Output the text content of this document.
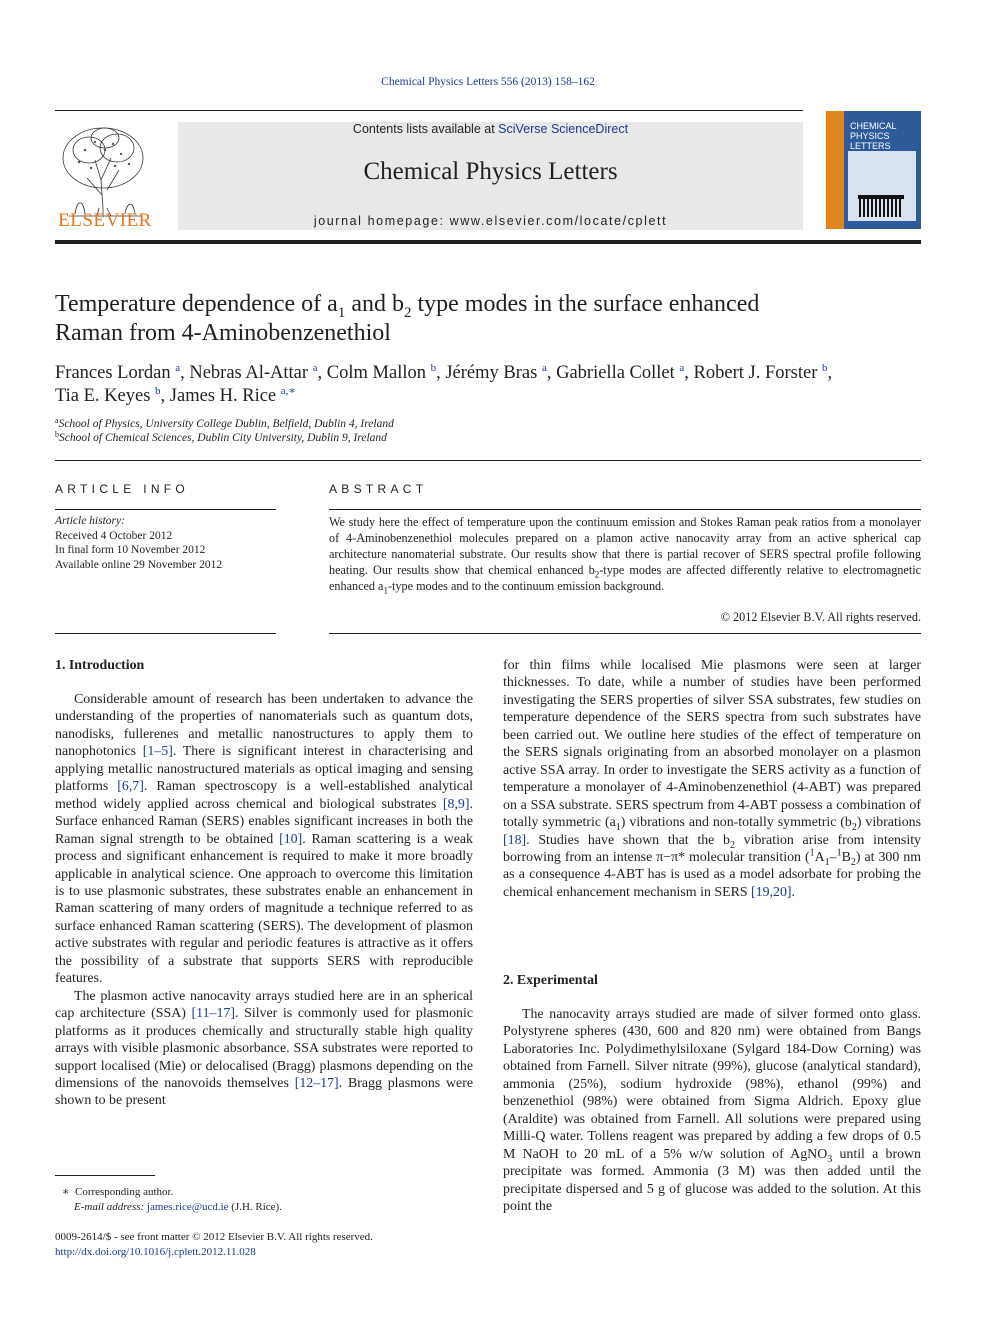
Chemical Physics Letters 556 (2013) 158–162
ELSEVIER
Contents lists available at SciVerse ScienceDirect
Chemical Physics Letters
journal homepage: www.elsevier.com/locate/cplett
CHEMICAL
PHYSICS
LETTERS
Temperature dependence of $a_1$ and $b_2$ type modes in the surface enhanced
Raman from 4-Aminobenzenethiol
Frances Lordan $^a$, Nebras Al-Attar $^a$, Colm Mallon $^b$, Jérémy Bras $^a$, Gabriella Collet $^a$, Robert J. Forster $^b$,
Tia E. Keyes $^b$, James H. Rice $^{a,∗}$
$^a$School of Physics, University College Dublin, Belfield, Dublin 4, Ireland
$^b$School of Chemical Sciences, Dublin City University, Dublin 9, Ireland
ARTICLE INFO
Article history:
Received 4 October 2012
In final form 10 November 2012
Available online 29 November 2012
ABSTRACT
We study here the effect of temperature upon the continuum emission and Stokes Raman peak ratios from a monolayer of 4-Aminobenzenethiol molecules prepared on a plamon active nanocavity array from an active spherical cap architecture nanomaterial substrate. Our results show that there is partial recover of SERS spectral profile following heating. Our results show that chemical enhanced $b_2$-type modes are affected differently relative to electromagnetic enhanced $a_1$-type modes and to the continuum emission background.
© 2012 Elsevier B.V. All rights reserved.
1. Introduction

Considerable amount of research has been undertaken to advance the understanding of the properties of nanomaterials such as quantum dots, nanodisks, fullerenes and metallic nanostructures to apply them to nanophotonics [1–5]. There is significant interest in characterising and applying metallic nanostructured materials as optical imaging and sensing platforms [6,7]. Raman spectroscopy is a well-established analytical method widely applied across chemical and biological substrates [8,9]. Surface enhanced Raman (SERS) enables significant increases in both the Raman signal strength to be obtained [10]. Raman scattering is a weak process and significant enhancement is required to make it more broadly applicable in analytical science. One approach to overcome this limitation is to use plasmonic substrates, these substrates enable an enhancement in Raman scattering of many orders of magnitude a technique referred to as surface enhanced Raman scattering (SERS). The development of plasmon active substrates with regular and periodic features is attractive as it offers the possibility of a substrate that supports SERS with reproducible features.

The plasmon active nanocavity arrays studied here are in an spherical cap architecture (SSA) [11–17]. Silver is commonly used for plasmonic platforms as it produces chemically and structurally stable high quality arrays with visible plasmonic absorbance. SSA substrates were reported to support localised (Mie) or delocalised (Bragg) plasmons depending on the dimensions of the nanovoids themselves [12–17]. Bragg plasmons were shown to be present

∗  Corresponding author.
E-mail address: james.rice@ucd.ie (J.H. Rice).
0009-2614/$ - see front matter © 2012 Elsevier B.V. All rights reserved.
http://dx.doi.org/10.1016/j.cplett.2012.11.028

for thin films while localised Mie plasmons were seen at larger thicknesses. To date, while a number of studies have been performed investigating the SERS properties of silver SSA substrates, few studies on temperature dependence of the SERS spectra from such substrates have been carried out. We outline here studies of the effect of temperature on the SERS signals originating from an absorbed monolayer on a plasmon active SSA array. In order to investigate the SERS activity as a function of temperature a monolayer of 4-Aminobenzenethiol (4-ABT) was prepared on a SSA substrate. SERS spectrum from 4-ABT possess a combination of totally symmetric $(a_1)$ vibrations and non-totally symmetric $(b_2)$ vibrations [18]. Studies have shown that the $b_2$ vibration arise from intensity borrowing from an intense π−π* molecular transition $(^1A_1-^1B_2)$ at 300 nm as a consequence 4-ABT has is used as a model adsorbate for probing the chemical enhancement mechanism in SERS [19,20].

2. Experimental

The nanocavity arrays studied are made of silver formed onto glass. Polystyrene spheres (430, 600 and 820 nm) were obtained from Bangs Laboratories Inc. Polydimethylsiloxane (Sylgard 184-Dow Corning) was obtained from Farnell. Silver nitrate (99%), glucose (analytical standard), ammonia (25%), sodium hydroxide (98%), ethanol (99%) and benzenethiol (98%) were obtained from Sigma Aldrich. Epoxy glue (Araldite) was obtained from Farnell. All solutions were prepared using Milli-Q water. Tollens reagent was prepared by adding a few drops of 0.5 M NaOH to 20 mL of a 5% w/w solution of AgNO$_3$ until a brown precipitate was formed. Ammonia (3 M) was then added until the precipitate dispersed and 5 g of glucose was added to the solution. At this point the
